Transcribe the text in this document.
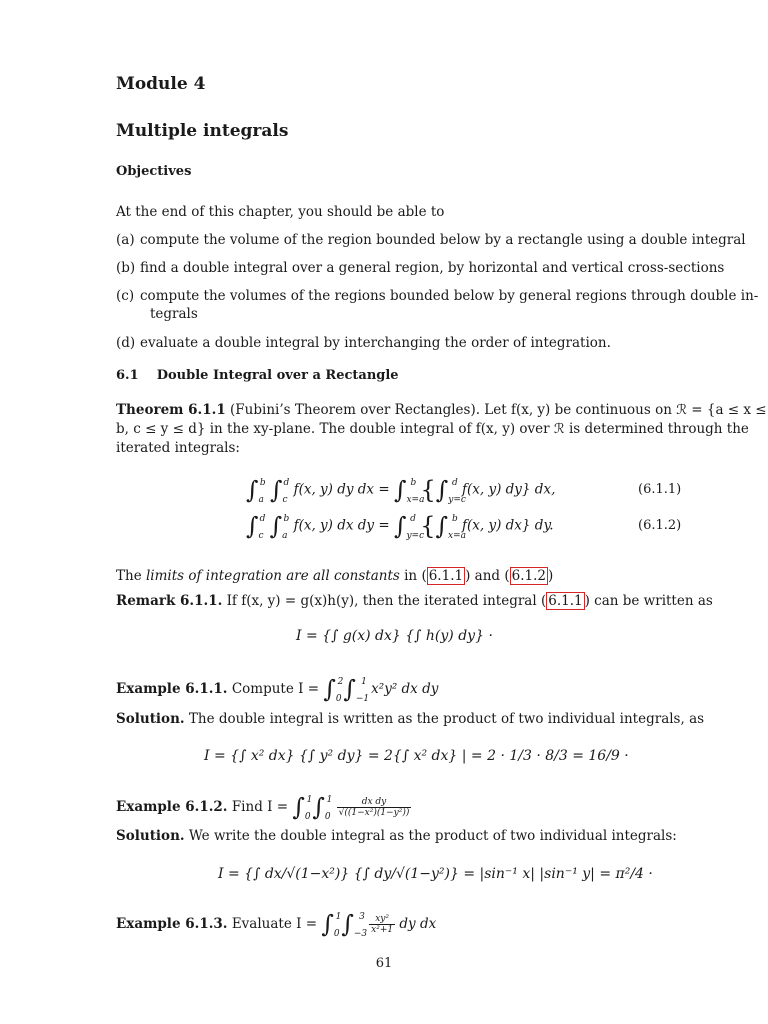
Module 4
Multiple integrals
Objectives
At the end of this chapter, you should be able to
(a) compute the volume of the region bounded below by a rectangle using a double integral
(b) find a double integral over a general region, by horizontal and vertical cross-sections
(c) compute the volumes of the regions bounded below by general regions through double in-
tegrals
(d) evaluate a double integral by interchanging the order of integration.
6.1 Double Integral over a Rectangle
Theorem 6.1.1 (Fubini’s Theorem over Rectangles). Let f(x, y) be continuous on ℛ = {a ≤ x ≤
b, c ≤ y ≤ d} in the xy-plane. The double integral of f(x, y) over ℛ is determined through the
iterated integrals:
$\int_a^b$ $\int_c^d$ f(x, y) dy dx = $\int_{x=a}^b$ {$\int_{y=c}^d$ f(x, y) dy} dx,	(6.1.1)
$\int_c^d$ $\int_a^b$ f(x, y) dx dy = $\int_{y=c}^d$ {$\int_{x=a}^b$ f(x, y) dx} dy.	(6.1.2)
The limits of integration are all constants in ( 6.1.1 ) and ( 6.1.2 )
Remark 6.1.1. If f(x, y) = g(x)h(y), then the iterated integral ( 6.1.1 ) can be written as
I = {∫ g(x) dx} {∫ h(y) dy} ·
Example 6.1.1. Compute $I = \int_0^2\int_{-1}^1$ x²y² dx dy
Solution. The double integral is written as the product of two individual integrals, as
I = {∫ x² dx} {∫ y² dy} = 2{∫ x² dx} | = 2 · 1/3 · 8/3 = 16/9 ·
Example 6.1.2. Find $I = \int_0^1\int_0^1 \frac{\text{dx dy}}{\text{√((1−x²)(1−y²))}}$
Solution. We write the double integral as the product of two individual integrals:
I = {∫ dx/√(1−x²)} {∫ dy/√(1−y²)} = |sin⁻¹ x| |sin⁻¹ y| = π²/4 ·
Example 6.1.3. Evaluate $I = \int_0^1\int_{-3}^3 \frac{\text{xy²}}{\text{x²+1}}$ dy dx
61
